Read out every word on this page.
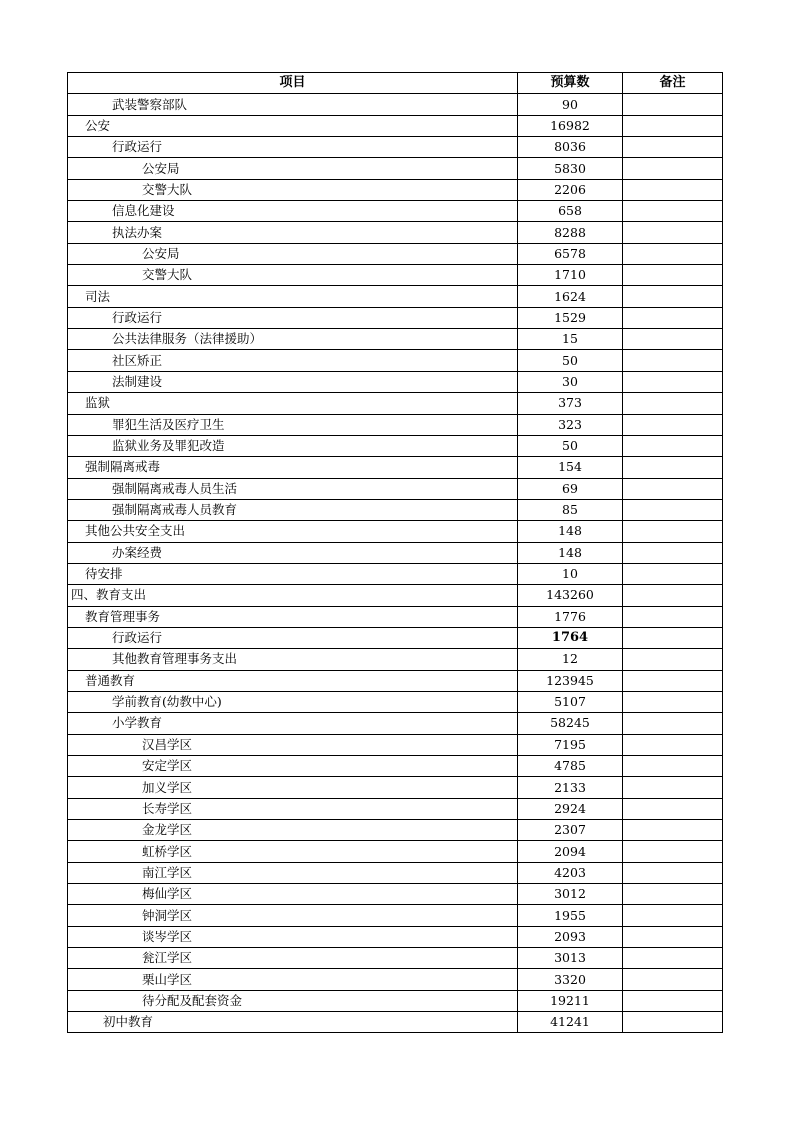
项目	预算数	备注
武装警察部队	90	
公安	16982	
行政运行	8036	
公安局	5830	
交警大队	2206	
信息化建设	658	
执法办案	8288	
公安局	6578	
交警大队	1710	
司法	1624	
行政运行	1529	
公共法律服务（法律援助）	15	
社区矫正	50	
法制建设	30	
监狱	373	
罪犯生活及医疗卫生	323	
监狱业务及罪犯改造	50	
强制隔离戒毒	154	
强制隔离戒毒人员生活	69	
强制隔离戒毒人员教育	85	
其他公共安全支出	148	
办案经费	148	
待安排	10	
四、教育支出	143260	
教育管理事务	1776	
行政运行	1764	
其他教育管理事务支出	12	
普通教育	123945	
学前教育(幼教中心)	5107	
小学教育	58245	
汉昌学区	7195	
安定学区	4785	
加义学区	2133	
长寿学区	2924	
金龙学区	2307	
虹桥学区	2094	
南江学区	4203	
梅仙学区	3012	
钟洞学区	1955	
谈岑学区	2093	
瓮江学区	3013	
栗山学区	3320	
待分配及配套资金	19211	
初中教育	41241	
